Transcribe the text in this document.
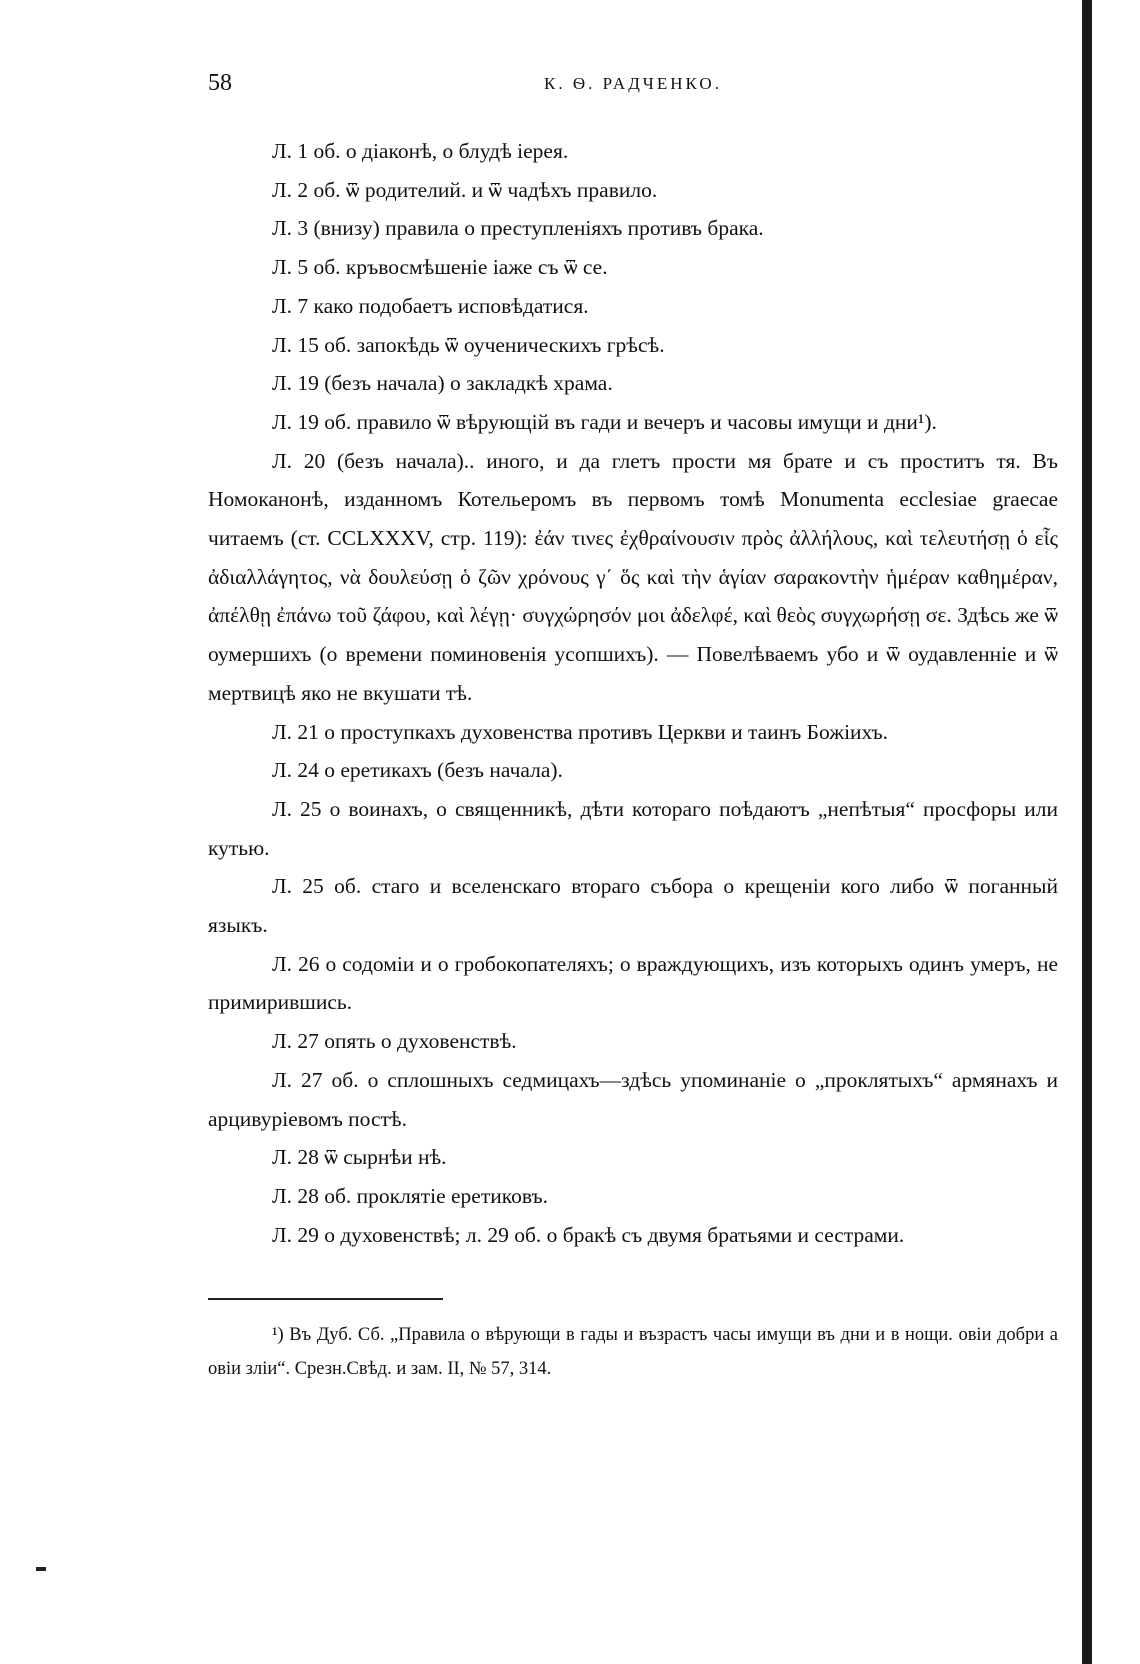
58	К. Ѳ. РАДЧЕНКО.

Л. 1 об. о діаконѣ, о блудѣ іерея.

Л. 2 об. ѿ родителий. и ѿ чадѣхъ правило.

Л. 3 (внизу) правила о преступленіяхъ противъ брака.

Л. 5 об. кръвосмѣшеніе іаже съ ѿ се.

Л. 7 како подобаетъ исповѣдатися.

Л. 15 об. запокѣдь ѿ оученическихъ грѣсѣ.

Л. 19 (безъ начала) о закладкѣ храма.

Л. 19 об. правило ѿ вѣрующій въ гади и вечеръ и часовы имущи и дни¹).

Л. 20 (безъ начала).. иного, и да глетъ прости мя брате и съ проститъ тя. Въ Номоканонѣ, изданномъ Котельеромъ въ первомъ томѣ Monumenta ecclesiae graecae читаемъ (ст. CCLXXXV, стр. 119): ἐάν τινες ἐχθραίνουσιν πρὸς ἀλλήλους, καὶ τελευτήσῃ ὁ εἷς ἀδιαλλάγητος, νὰ δουλεύσῃ ὁ ζῶν χρόνους γ΄ ὅς καὶ τὴν ἁγίαν σαρακοντὴν ἡμέραν καθημέραν, ἀπέλθῃ ἐπάνω τοῦ ζάφου, καὶ λέγῃ· συγχώρησόν μοι ἀδελφέ, καὶ θεὸς συγχωρήσῃ σε. Здѣсь же ѿ оумершихъ (о времени поминовенія усопшихъ). — Повелѣваемъ убо и ѿ оудавленніе и ѿ мертвицѣ яко не вкушати тѣ.

Л. 21 о проступкахъ духовенства противъ Церкви и таинъ Божіихъ.

Л. 24 о еретикахъ (безъ начала).

Л. 25 о воинахъ, о священникѣ, дѣти котораго поѣдаютъ „непѣтыя“ просфоры или кутью.

Л. 25 об. стаго и вселенскаго втораго събора о крещеніи кого либо ѿ поганный языкъ.

Л. 26 о содоміи и о гробокопателяхъ; о враждующихъ, изъ которыхъ одинъ умеръ, не примирившись.

Л. 27 опять о духовенствѣ.

Л. 27 об. о сплошныхъ седмицахъ—здѣсь упоминаніе о „проклятыхъ“ армянахъ и арцивуріевомъ постѣ.

Л. 28 ѿ сырнѣи нѣ.

Л. 28 об. проклятіе еретиковъ.

Л. 29 о духовенствѣ; л. 29 об. о бракѣ съ двумя братьями и сестрами.

¹) Въ Дуб. Сб. „Правила о вѣрующи в гады и възрастъ часы имущи въ дни и в нощи. овіи добри а овіи зліи“. Срезн.Свѣд. и зам. II, № 57, 314.
